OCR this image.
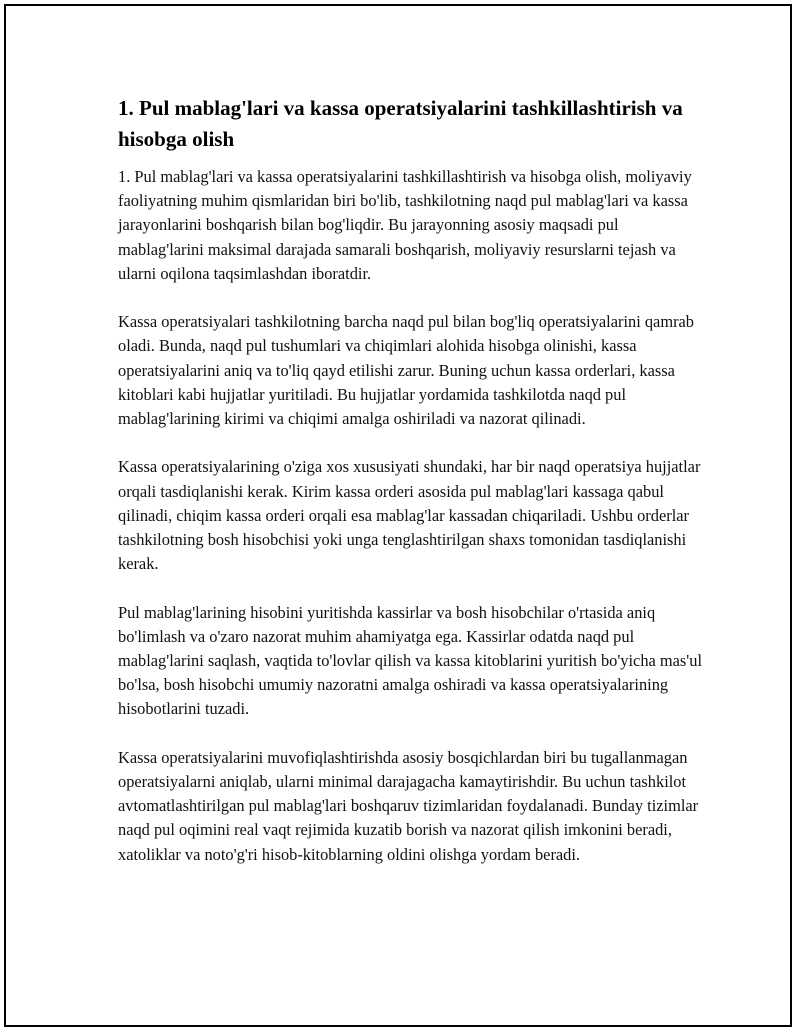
1. Pul mablag'lari va kassa operatsiyalarini tashkillashtirish va hisobga olish

1. Pul mablag'lari va kassa operatsiyalarini tashkillashtirish va hisobga olish, moliyaviy faoliyatning muhim qismlaridan biri bo'lib, tashkilotning naqd pul mablag'lari va kassa jarayonlarini boshqarish bilan bog'liqdir. Bu jarayonning asosiy maqsadi pul mablag'larini maksimal darajada samarali boshqarish, moliyaviy resurslarni tejash va ularni oqilona taqsimlashdan iboratdir.

Kassa operatsiyalari tashkilotning barcha naqd pul bilan bog'liq operatsiyalarini qamrab oladi. Bunda, naqd pul tushumlari va chiqimlari alohida hisobga olinishi, kassa operatsiyalarini aniq va to'liq qayd etilishi zarur. Buning uchun kassa orderlari, kassa kitoblari kabi hujjatlar yuritiladi. Bu hujjatlar yordamida tashkilotda naqd pul mablag'larining kirimi va chiqimi amalga oshiriladi va nazorat qilinadi.

Kassa operatsiyalarining o'ziga xos xususiyati shundaki, har bir naqd operatsiya hujjatlar orqali tasdiqlanishi kerak. Kirim kassa orderi asosida pul mablag'lari kassaga qabul qilinadi, chiqim kassa orderi orqali esa mablag'lar kassadan chiqariladi. Ushbu orderlar tashkilotning bosh hisobchisi yoki unga tenglashtirilgan shaxs tomonidan tasdiqlanishi kerak.

Pul mablag'larining hisobini yuritishda kassirlar va bosh hisobchilar o'rtasida aniq bo'limlash va o'zaro nazorat muhim ahamiyatga ega. Kassirlar odatda naqd pul mablag'larini saqlash, vaqtida to'lovlar qilish va kassa kitoblarini yuritish bo'yicha mas'ul bo'lsa, bosh hisobchi umumiy nazoratni amalga oshiradi va kassa operatsiyalarining hisobotlarini tuzadi.

Kassa operatsiyalarini muvofiqlashtirishda asosiy bosqichlardan biri bu tugallanmagan operatsiyalarni aniqlab, ularni minimal darajagacha kamaytirishdir. Bu uchun tashkilot avtomatlashtirilgan pul mablag'lari boshqaruv tizimlaridan foydalanadi. Bunday tizimlar naqd pul oqimini real vaqt rejimida kuzatib borish va nazorat qilish imkonini beradi, xatoliklar va noto'g'ri hisob-kitoblarning oldini olishga yordam beradi.
